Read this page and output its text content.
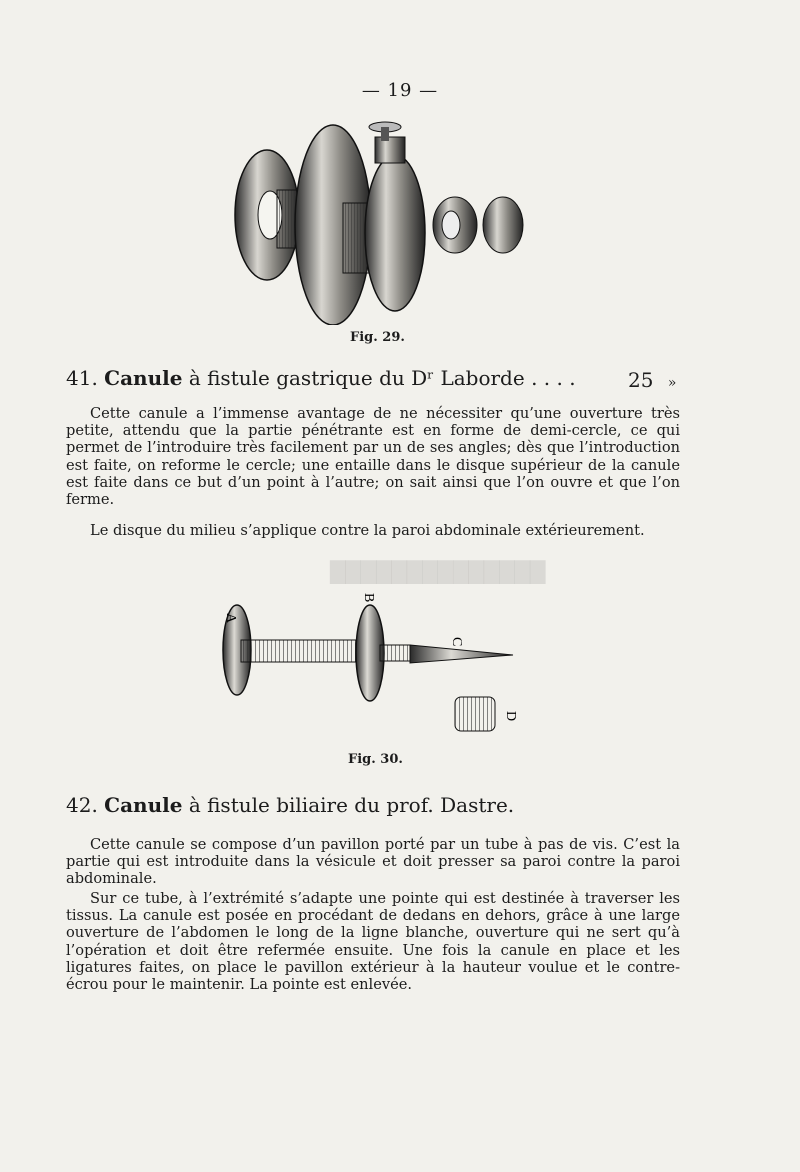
██████████████
— 19 —
Fig. 29.
41. Canule à fistule gastrique du Dʳ Laborde . . . .	25 »

Cette canule a l’immense avantage de ne nécessiter qu’une ouverture très petite, attendu que la partie pénétrante est en forme de demi-cercle, ce qui permet de l’introduire très facilement par un de ses angles; dès que l’introduction est faite, on reforme le cercle; une entaille dans le disque supérieur de la canule est faite dans ce but d’un point à l’autre; on sait ainsi que l’on ouvre et que l’on ferme.

Le disque du milieu s’applique contre la paroi abdominale extérieurement.

A
B
C
D
Fig. 30.
42. Canule à fistule biliaire du prof. Dastre.

Cette canule se compose d’un pavillon porté par un tube à pas de vis. C’est la partie qui est introduite dans la vésicule et doit presser sa paroi contre la paroi abdominale.

Sur ce tube, à l’extrémité s’adapte une pointe qui est destinée à traverser les tissus. La canule est posée en procédant de dedans en dehors, grâce à une large ouverture de l’abdomen le long de la ligne blanche, ouverture qui ne sert qu’à l’opération et doit être refermée ensuite. Une fois la canule en place et les ligatures faites, on place le pavillon extérieur à la hauteur voulue et le contre-écrou pour le maintenir. La pointe est enlevée.
